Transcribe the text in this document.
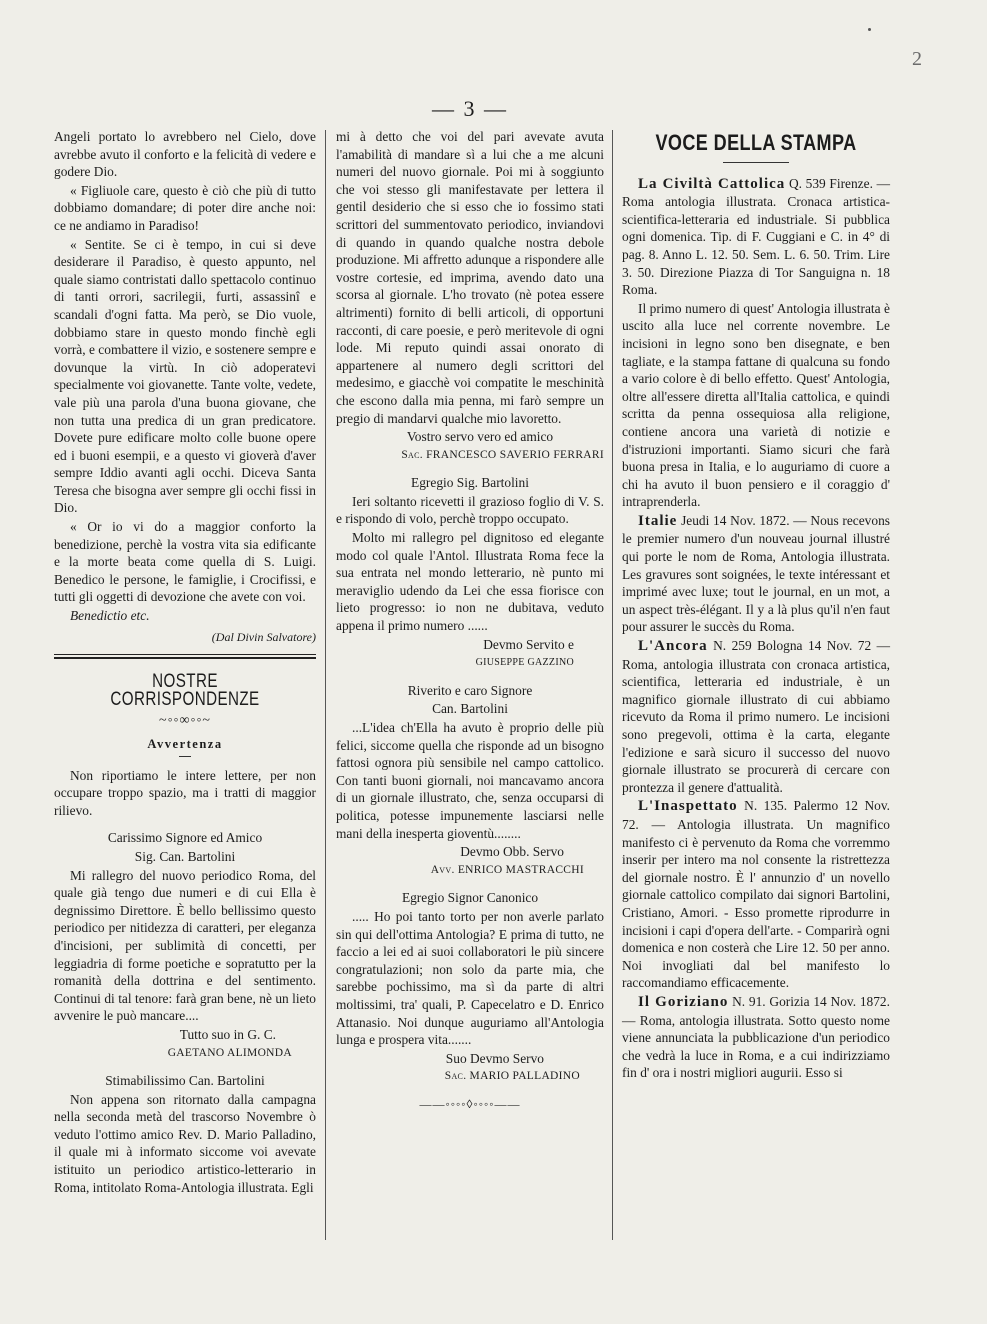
2
— 3 —

Angeli portato lo avrebbero nel Cielo, dove avrebbe avuto il conforto e la felicità di vedere e godere Dio.

« Figliuole care, questo è ciò che più di tutto dobbiamo domandare; di poter dire anche noi: ce ne andiamo in Paradiso!

« Sentite. Se ci è tempo, in cui si deve desiderare il Paradiso, è questo appunto, nel quale siamo contristati dallo spettacolo continuo di tanti orrori, sacrilegii, furti, assassinî e scandali d'ogni fatta. Ma però, se Dio vuole, dobbiamo stare in questo mondo finchè egli vorrà, e combattere il vizio, e sostenere sempre e dovunque la virtù. In ciò adoperatevi specialmente voi giovanette. Tante volte, vedete, vale più una parola d'una buona giovane, che non tutta una predica di un gran predicatore. Dovete pure edificare molto colle buone opere ed i buoni esempii, e a questo vi gioverà d'aver sempre Iddio avanti agli occhi. Diceva Santa Teresa che bisogna aver sempre gli occhi fissi in Dio.

« Or io vi do a maggior conforto la benedizione, perchè la vostra vita sia edificante e la morte beata come quella di S. Luigi. Benedico le persone, le famiglie, i Crocifissi, e tutti gli oggetti di devozione che avete con voi.

Benedictio etc.

(Dal Divin Salvatore)

NOSTRE CORRISPONDENZE
~◦◦∞◦◦~
Avvertenza

Non riportiamo le intere lettere, per non occupare troppo spazio, ma i tratti di maggior rilievo.

Carissimo Signore ed Amico

Sig. Can. Bartolini

Mi rallegro del nuovo periodico Roma, del quale già tengo due numeri e di cui Ella è degnissimo Direttore. È bello bellissimo questo periodico per nitidezza di caratteri, per eleganza d'incisioni, per sublimità di concetti, per leggiadria di forme poetiche e sopratutto per la romanità della dottrina e del sentimento. Continui di tal tenore: farà gran bene, nè un lieto avvenire le può mancare....

Tutto suo in G. C.

GAETANO ALIMONDA

Stimabilissimo Can. Bartolini

Non appena son ritornato dalla campagna nella seconda metà del trascorso Novembre ò veduto l'ottimo amico Rev. D. Mario Palladino, il quale mi à informato siccome voi avevate istituito un periodico artistico-letterario in Roma, intitolato Roma-Antologia illustrata. Egli

mi à detto che voi del pari avevate avuta l'amabilità di mandare sì a lui che a me alcuni numeri del nuovo giornale. Poi mi à soggiunto che voi stesso gli manifestavate per lettera il gentil desiderio che si esso che io fossimo stati scrittori del summentovato periodico, inviandovi di quando in quando qualche nostra debole produzione. Mi affretto adunque a rispondere alle vostre cortesie, ed imprima, avendo dato una scorsa al giornale. L'ho trovato (nè potea essere altrimenti) fornito di belli articoli, di opportuni racconti, di care poesie, e però meritevole di ogni lode. Mi reputo quindi assai onorato di appartenere al numero degli scrittori del medesimo, e giacchè voi compatite le meschinità che escono dalla mia penna, mi farò sempre un pregio di mandarvi qualche mio lavoretto.

Vostro servo vero ed amico

Sac. FRANCESCO SAVERIO FERRARI

Egregio Sig. Bartolini

Ieri soltanto ricevetti il grazioso foglio di V. S. e rispondo di volo, perchè troppo occupato.

Molto mi rallegro pel dignitoso ed elegante modo col quale l'Antol. Illustrata Roma fece la sua entrata nel mondo letterario, nè punto mi meraviglio udendo da Lei che essa fiorisce con lieto progresso: io non ne dubitava, veduto appena il primo numero ......

Devmo Servito e

GIUSEPPE GAZZINO

Riverito e caro Signore

Can. Bartolini

...L'idea ch'Ella ha avuto è proprio delle più felici, siccome quella che risponde ad un bisogno fattosi ognora più sensibile nel campo cattolico. Con tanti buoni giornali, noi mancavamo ancora di un giornale illustrato, che, senza occuparsi di politica, potesse impunemente lasciarsi nelle mani della inesperta gioventù........

Devmo Obb. Servo

Avv. ENRICO MASTRACCHI

Egregio Signor Canonico

..... Ho poi tanto torto per non averle parlato sin qui dell'ottima Antologia? E prima di tutto, ne faccio a lei ed ai suoi collaboratori le più sincere congratulazioni; non solo da parte mia, che sarebbe pochissimo, ma sì da parte di altri moltissimi, tra' quali, P. Capecelatro e D. Enrico Attanasio. Noi dunque auguriamo all'Antologia lunga e prospera vita.......

Suo Devmo Servo

Sac. MARIO PALLADINO

——◦◦◦◦◊◦◦◦◦——
VOCE DELLA STAMPA

La Civiltà Cattolica Q. 539 Firenze. — Roma antologia illustrata. Cronaca artistica-scientifica-letteraria ed industriale. Si pubblica ogni domenica. Tip. di F. Cuggiani e C. in 4° di pag. 8. Anno L. 12. 50. Sem. L. 6. 50. Trim. Lire 3. 50. Direzione Piazza di Tor Sanguigna n. 18 Roma.

Il primo numero di quest' Antologia illustrata è uscito alla luce nel corrente novembre. Le incisioni in legno sono ben disegnate, e ben tagliate, e la stampa fattane di qualcuna su fondo a vario colore è di bello effetto. Quest' Antologia, oltre all'essere diretta all'Italia cattolica, e quindi scritta da penna ossequiosa alla religione, contiene ancora una varietà di notizie e d'istruzioni importanti. Siamo sicuri che farà buona presa in Italia, e lo auguriamo di cuore a chi ha avuto il buon pensiero e il coraggio d' intraprenderla.

Italie Jeudi 14 Nov. 1872. — Nous recevons le premier numero d'un nouveau journal illustré qui porte le nom de Roma, Antologia illustrata. Les gravures sont soignées, le texte intéressant et imprimé avec luxe; tout le journal, en un mot, a un aspect très-élégant. Il y a là plus qu'il n'en faut pour assurer le succès du Roma.

L'Ancora N. 259 Bologna 14 Nov. 72 — Roma, antologia illustrata con cronaca artistica, scientifica, letteraria ed industriale, è un magnifico giornale illustrato di cui abbiamo ricevuto da Roma il primo numero. Le incisioni sono pregevoli, ottima è la carta, elegante l'edizione e sarà sicuro il successo del nuovo giornale illustrato se procurerà di cercare con prontezza il genere d'attualità.

L'Inaspettato N. 135. Palermo 12 Nov. 72. — Antologia illustrata. Un magnifico manifesto ci è pervenuto da Roma che vorremmo inserir per intero ma nol consente la ristrettezza del giornale nostro. È l' annunzio d' un novello giornale cattolico compilato dai signori Bartolini, Cristiano, Amori. - Esso promette riprodurre in incisioni i capi d'opera dell'arte. - Comparirà ogni domenica e non costerà che Lire 12. 50 per anno. Noi invogliati dal bel manifesto lo raccomandiamo efficacemente.

Il Goriziano N. 91. Gorizia 14 Nov. 1872. — Roma, antologia illustrata. Sotto questo nome viene annunciata la pubblicazione d'un periodico che vedrà la luce in Roma, e a cui indirizziamo fin d' ora i nostri migliori augurii. Esso si
